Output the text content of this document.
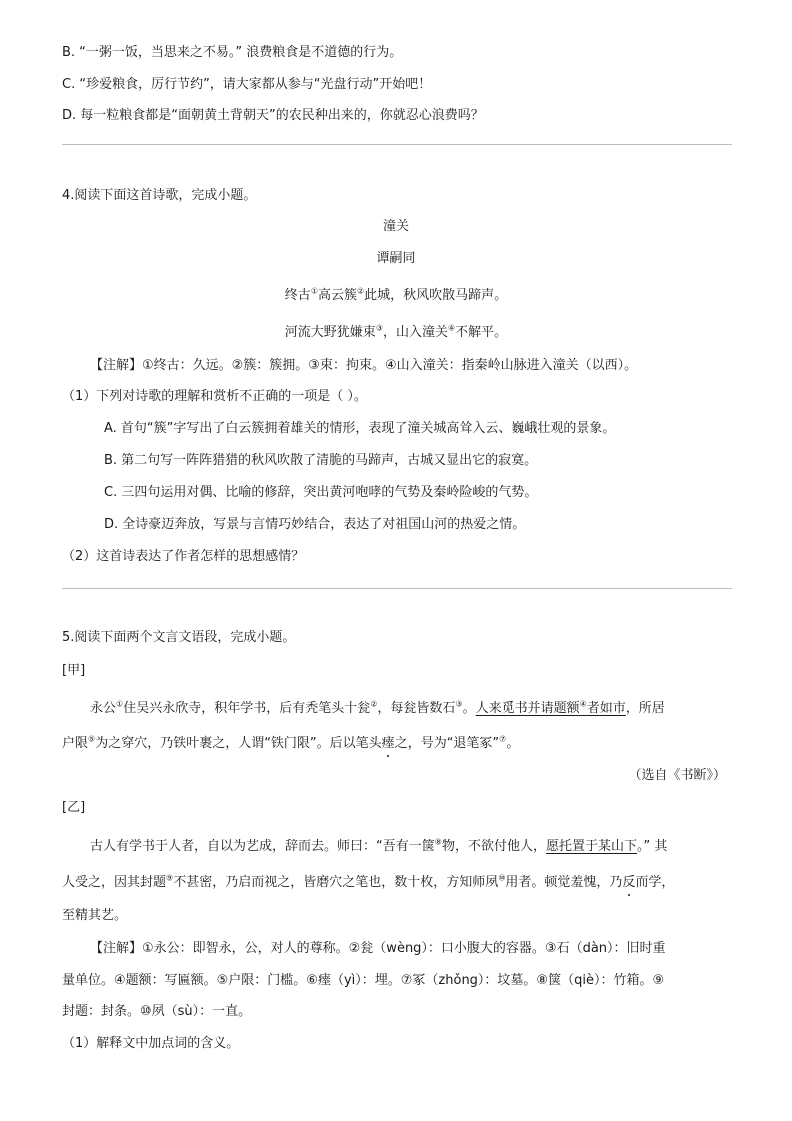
B. “一粥一饭，当思来之不易。” 浪费粮食是不道德的行为。
C. “珍爱粮食，厉行节约”，请大家都从参与“光盘行动”开始吧！
D. 每一粒粮食都是“面朝黄土背朝天”的农民种出来的，你就忍心浪费吗？
4.阅读下面这首诗歌，完成小题。
潼关
谭嗣同
终古①高云簇②此城，秋风吹散马蹄声。
河流大野犹嫌束③，山入潼关④不解平。
【注解】①终古：久远。②簇：簇拥。③束：拘束。④山入潼关：指秦岭山脉进入潼关（以西）。
（1）下列对诗歌的理解和赏析不正确的一项是（ ）。
A. 首句“簇”字写出了白云簇拥着雄关的情形，表现了潼关城高耸入云、巍峨壮观的景象。
B. 第二句写一阵阵猎猎的秋风吹散了清脆的马蹄声，古城又显出它的寂寞。
C. 三四句运用对偶、比喻的修辞，突出黄河咆哮的气势及秦岭险峻的气势。
D. 全诗豪迈奔放，写景与言情巧妙结合，表达了对祖国山河的热爱之情。
（2）这首诗表达了作者怎样的思想感情？
5.阅读下面两个文言文语段，完成小题。
[甲]
永公①住吴兴永欣寺，积年学书，后有秃笔头十瓮②，每瓮皆数石③。人来觅书并请题额④者如市，所居
户限⑤为之穿穴，乃铁叶裹之，人谓“铁门限”。后以笔头瘗之，号为“退笔冢”⑦。
（选自《书断》）
[乙]
古人有学书于人者，自以为艺成，辞而去。师曰：“吾有一箧⑧物，不欲付他人，愿托置于某山下。” 其
人受之，因其封题⑨不甚密，乃启而视之，皆磨穴之笔也，数十枚，方知师夙⑩用者。顿觉羞愧，乃反而学，
至精其艺。
【注解】①永公：即智永，公，对人的尊称。②瓮（wèng）：口小腹大的容器。③石（dàn）：旧时重
量单位。④题额：写匾额。⑤户限：门槛。⑥瘗（yì）：埋。⑦冢（zhǒng）：坟墓。⑧箧（qiè）：竹箱。⑨
封题：封条。⑩夙（sù）：一直。
（1）解释文中加点词的含义。
